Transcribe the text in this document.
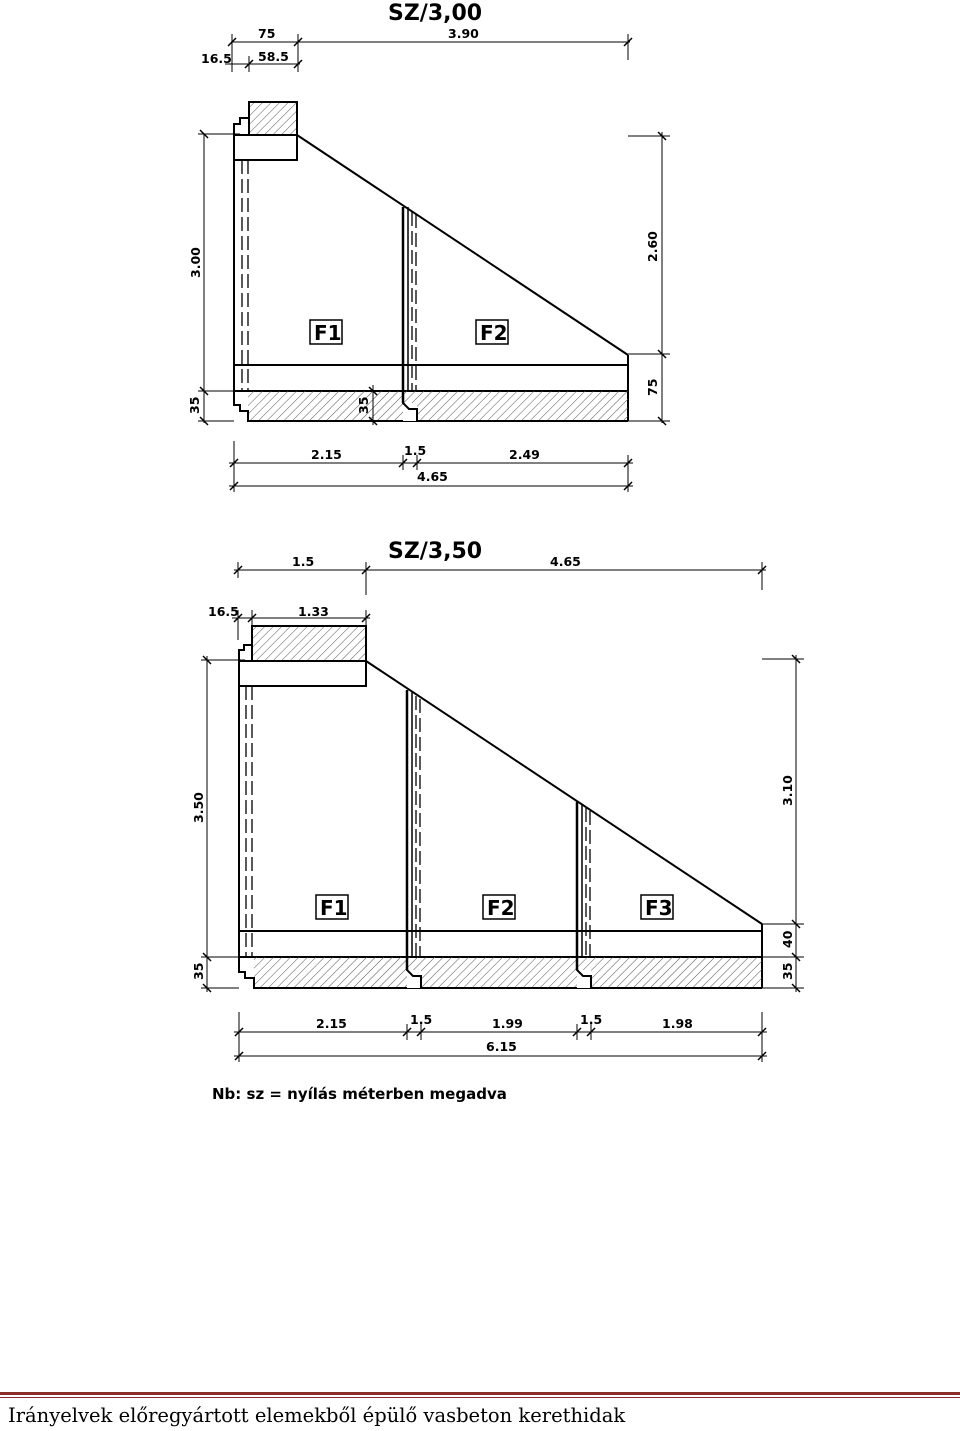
SZ/3,00
75
16.5 58.5
3.90
3.00
35	35
2.60
75
2.15	1.5	2.49
4.65
F1	F2
SZ/3,50
1.5	4.65
16.5	1.33
3.50
35
3.10
40
35
2.15	1.5	1.99	1.5	1.98
6.15
F1	F2	F3
Nb: sz = nyílás méterben megadva
Irányelvek előregyártott elemekből épülő vasbeton kerethidak
